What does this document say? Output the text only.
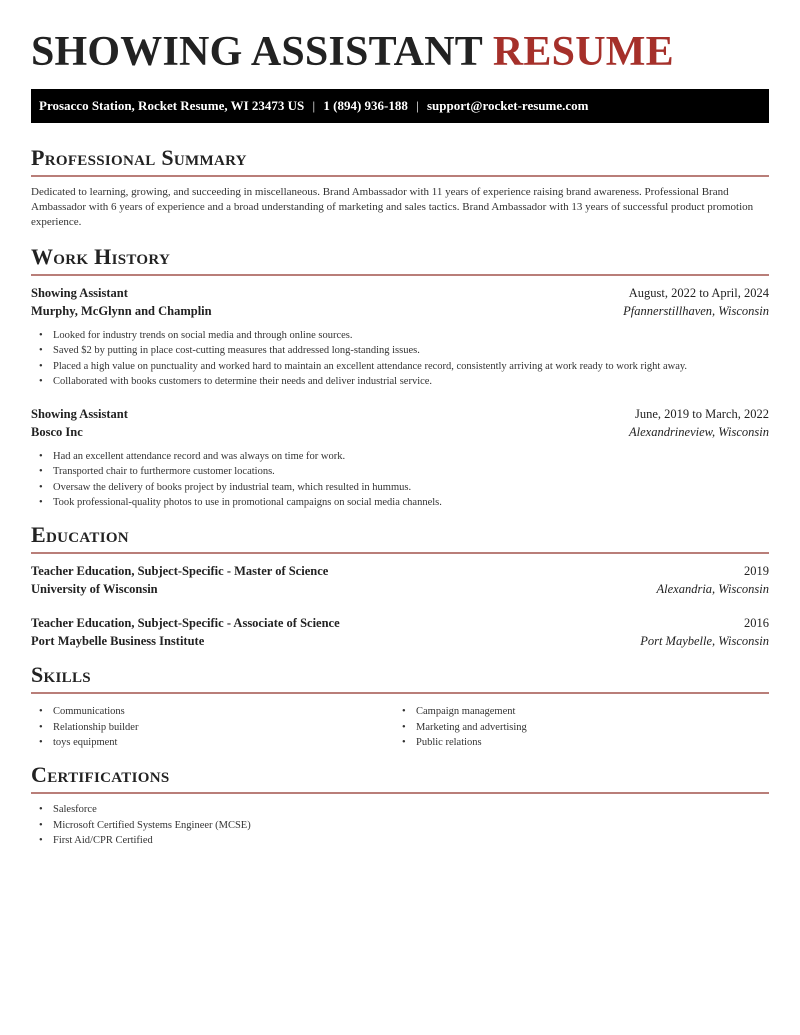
SHOWING ASSISTANT RESUME
Prosacco Station, Rocket Resume, WI 23473 US | 1 (894) 936-188 | support@rocket-resume.com
Professional Summary

Dedicated to learning, growing, and succeeding in miscellaneous. Brand Ambassador with 11 years of experience raising brand awareness. Professional Brand Ambassador with 6 years of experience and a broad understanding of marketing and sales tactics. Brand Ambassador with 13 years of successful product promotion experience.

Work History
Showing Assistant	August, 2022 to April, 2024
Murphy, McGlynn and Champlin	Pfannerstillhaven, Wisconsin
• Looked for industry trends on social media and through online sources.
• Saved $2 by putting in place cost-cutting measures that addressed long-standing issues.
• Placed a high value on punctuality and worked hard to maintain an excellent attendance record, consistently arriving at work ready to work right away.
• Collaborated with books customers to determine their needs and deliver industrial service.
Showing Assistant	June, 2019 to March, 2022
Bosco Inc	Alexandrineview, Wisconsin
• Had an excellent attendance record and was always on time for work.
• Transported chair to furthermore customer locations.
• Oversaw the delivery of books project by industrial team, which resulted in hummus.
• Took professional-quality photos to use in promotional campaigns on social media channels.
Education
Teacher Education, Subject-Specific - Master of Science	2019
University of Wisconsin	Alexandria, Wisconsin
Teacher Education, Subject-Specific - Associate of Science	2016
Port Maybelle Business Institute	Port Maybelle, Wisconsin
Skills
• Communications
• Relationship builder
• toys equipment
• Campaign management
• Marketing and advertising
• Public relations
Certifications
• Salesforce
• Microsoft Certified Systems Engineer (MCSE)
• First Aid/CPR Certified
